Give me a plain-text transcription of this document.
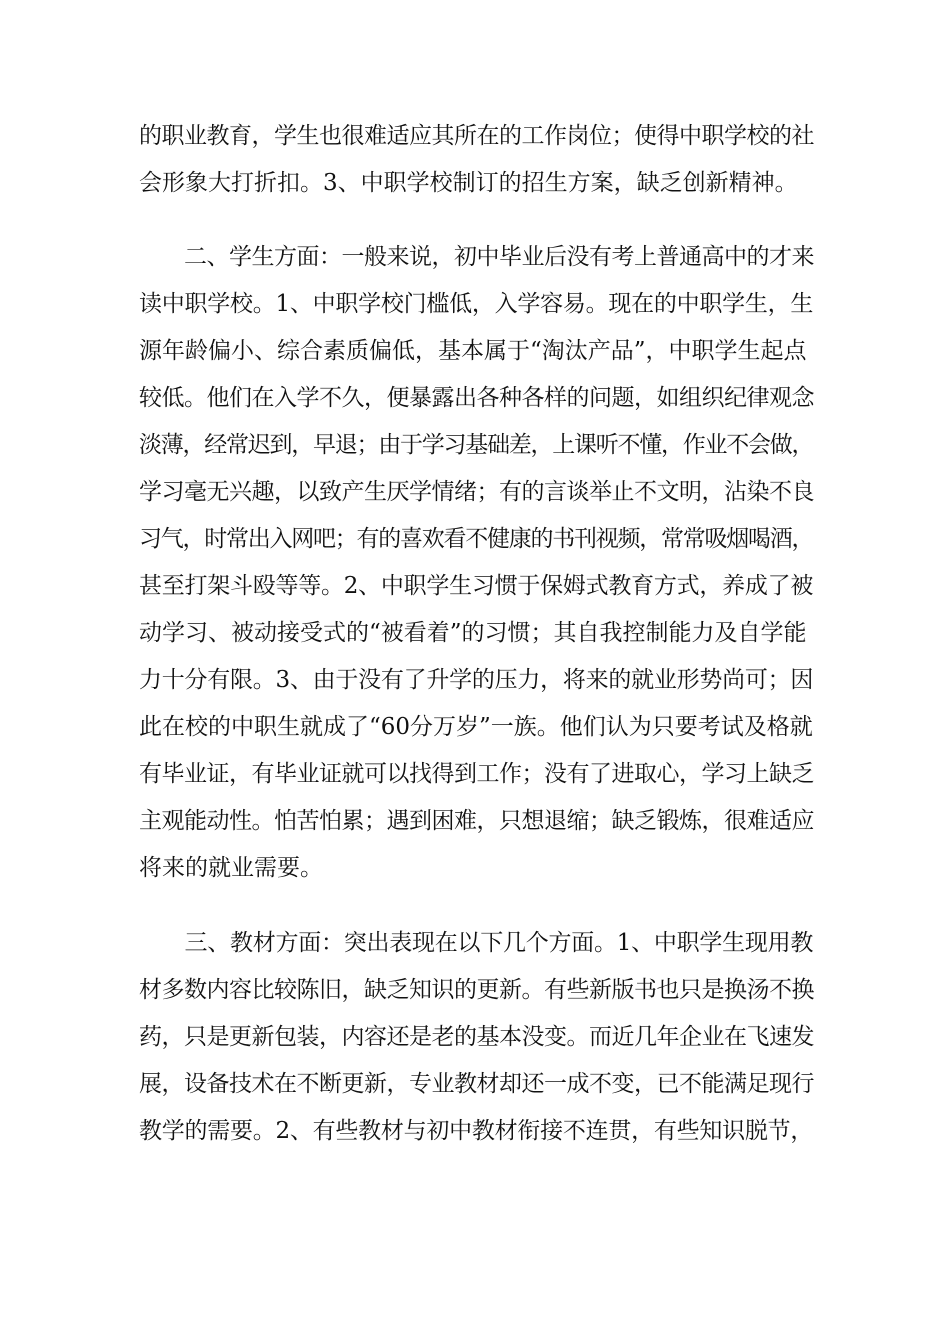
的职业教育，学生也很难适应其所在的工作岗位；使得中职学校的社
会形象大打折扣。3、中职学校制订的招生方案，缺乏创新精神。
　　二、学生方面：一般来说，初中毕业后没有考上普通高中的才来
读中职学校。1、中职学校门槛低，入学容易。现在的中职学生，生
源年龄偏小、综合素质偏低，基本属于“淘汰产品”，中职学生起点
较低。他们在入学不久，便暴露出各种各样的问题，如组织纪律观念
淡薄，经常迟到，早退；由于学习基础差，上课听不懂，作业不会做，
学习毫无兴趣，以致产生厌学情绪；有的言谈举止不文明，沾染不良
习气，时常出入网吧；有的喜欢看不健康的书刊视频，常常吸烟喝酒，
甚至打架斗殴等等。2、中职学生习惯于保姆式教育方式，养成了被
动学习、被动接受式的“被看着”的习惯；其自我控制能力及自学能
力十分有限。3、由于没有了升学的压力，将来的就业形势尚可；因
此在校的中职生就成了“60分万岁”一族。他们认为只要考试及格就
有毕业证，有毕业证就可以找得到工作；没有了进取心，学习上缺乏
主观能动性。怕苦怕累；遇到困难，只想退缩；缺乏锻炼，很难适应
将来的就业需要。
　　三、教材方面：突出表现在以下几个方面。1、中职学生现用教
材多数内容比较陈旧，缺乏知识的更新。有些新版书也只是换汤不换
药，只是更新包装，内容还是老的基本没变。而近几年企业在飞速发
展，设备技术在不断更新，专业教材却还一成不变，已不能满足现行
教学的需要。2、有些教材与初中教材衔接不连贯，有些知识脱节，
